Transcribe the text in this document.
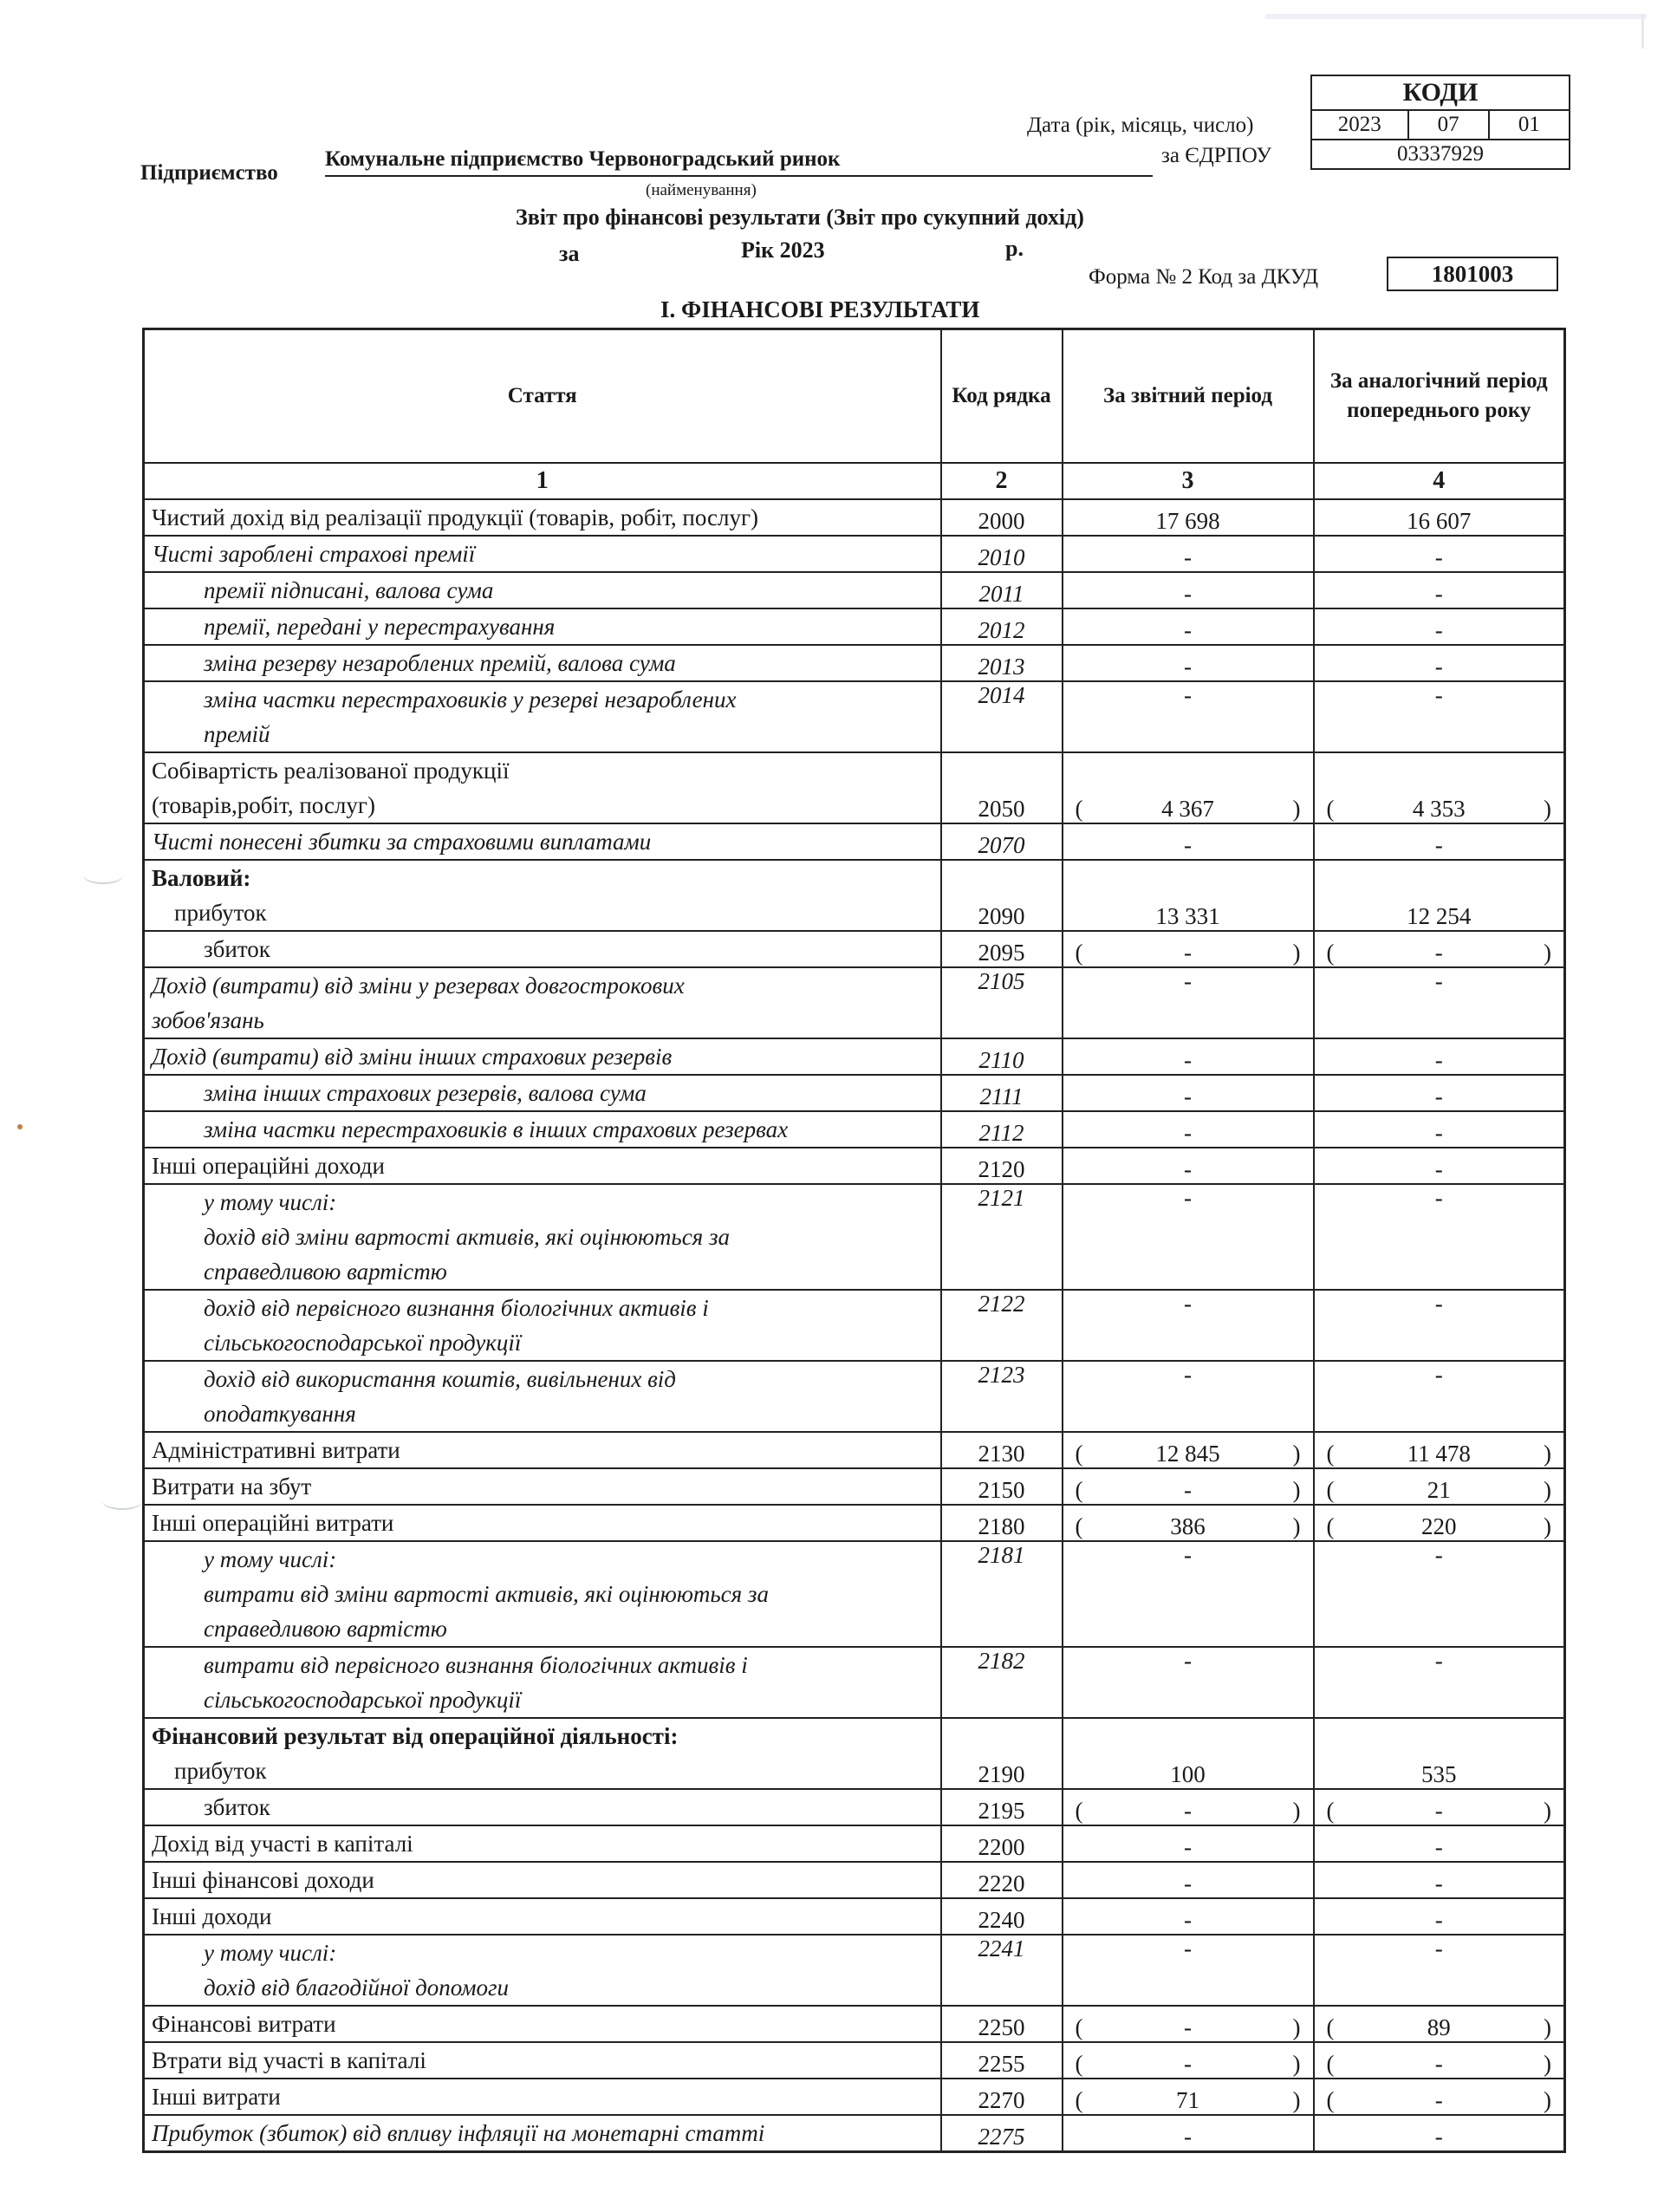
КОДИ
2023	07	01
03337929
Дата (рік, місяць, число)
за ЄДРПОУ
Підприємство
Комунальне підприємство Червоноградський ринок
(найменування)
Звіт про фінансові результати (Звіт про сукупний дохід)
за	Рік 2023	р.
Форма № 2 Код за ДКУД	1801003
І. ФІНАНСОВІ РЕЗУЛЬТАТИ
Стаття	Код рядка	За звітний період	За аналогічний період попереднього року
1	2	3	4

Чистий дохід від реалізації продукції (товарів, робіт, послуг)	2000	17 698	16 607

Чисті зароблені страхові премії	2010	-	-

премії підписані, валова сума	2011	-	-

премії, передані у перестрахування	2012	-	-

зміна резерву незароблених премій, валова сума	2013	-	-

зміна частки перестраховиків у резерві незароблених
премій	2014	-	-

Собівартість реалізованої продукції
(товарів,робіт, послуг)	2050	( 4 367 )	( 4 353 )

Чисті понесені збитки за страховими виплатами	2070	-	-

Валовий:
прибуток	2090	13 331	12 254

збиток	2095	( - )	( - )

Дохід (витрати) від зміни у резервах довгострокових
зобов'язань	2105	-	-

Дохід (витрати) від зміни інших страхових резервів	2110	-	-

зміна інших страхових резервів, валова сума	2111	-	-

зміна частки перестраховиків в інших страхових резервах	2112	-	-

Інші операційні доходи	2120	-	-

у тому числі:
дохід від зміни вартості активів, які оцінюються за
справедливою вартістю	2121	-	-

дохід від первісного визнання біологічних активів і
сільськогосподарської продукції	2122	-	-

дохід від використання коштів, вивільнених від
оподаткування	2123	-	-

Адміністративні витрати	2130	( 12 845 )	( 11 478 )

Витрати на збут	2150	( - )	( 21 )

Інші операційні витрати	2180	( 386 )	( 220 )

у тому числі:
витрати від зміни вартості активів, які оцінюються за
справедливою вартістю	2181	-	-

витрати від первісного визнання біологічних активів і
сільськогосподарської продукції	2182	-	-

Фінансовий результат від операційної діяльності:
прибуток	2190	100	535

збиток	2195	( - )	( - )

Дохід від участі в капіталі	2200	-	-

Інші фінансові доходи	2220	-	-

Інші доходи	2240	-	-

у тому числі:
дохід від благодійної допомоги	2241	-	-

Фінансові витрати	2250	( - )	( 89 )

Втрати від участі в капіталі	2255	( - )	( - )

Інші витрати	2270	( 71 )	( - )

Прибуток (збиток) від впливу інфляції на монетарні статті	2275	-	-
